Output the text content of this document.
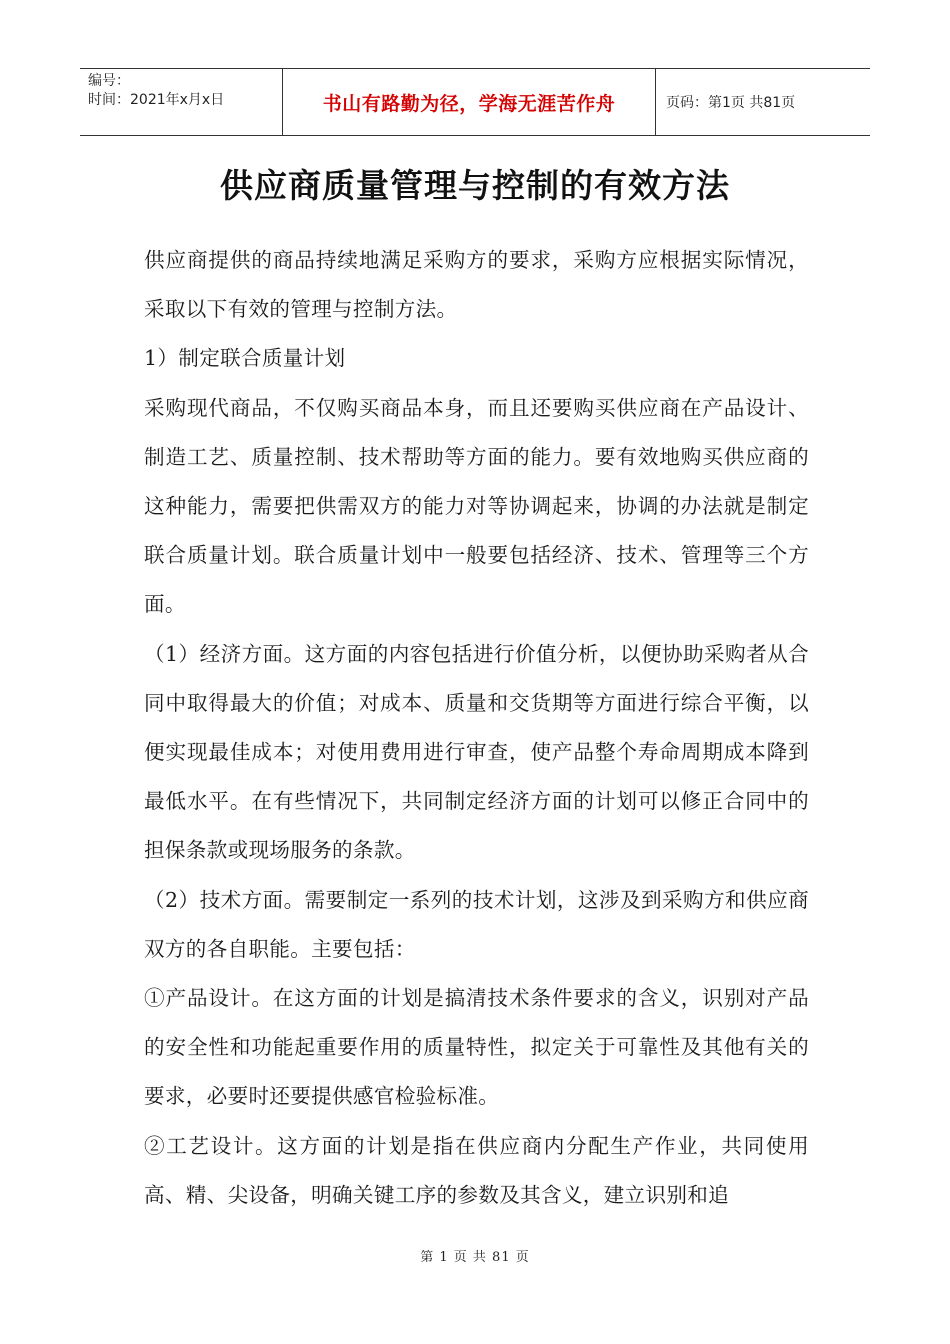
编号：
时间：2021年x月x日	书山有路勤为径，学海无涯苦作舟	页码：第1页 共81页
供应商质量管理与控制的有效方法

供应商提供的商品持续地满足采购方的要求，采购方应根据实际情况，采取以下有效的管理与控制方法。

1）制定联合质量计划

采购现代商品，不仅购买商品本身，而且还要购买供应商在产品设计、制造工艺、质量控制、技术帮助等方面的能力。要有效地购买供应商的这种能力，需要把供需双方的能力对等协调起来，协调的办法就是制定联合质量计划。联合质量计划中一般要包括经济、技术、管理等三个方面。

（1）经济方面。这方面的内容包括进行价值分析，以便协助采购者从合同中取得最大的价值；对成本、质量和交货期等方面进行综合平衡，以便实现最佳成本；对使用费用进行审查，使产品整个寿命周期成本降到最低水平。在有些情况下，共同制定经济方面的计划可以修正合同中的担保条款或现场服务的条款。

（2）技术方面。需要制定一系列的技术计划，这涉及到采购方和供应商双方的各自职能。主要包括：

①产品设计。在这方面的计划是搞清技术条件要求的含义，识别对产品的安全性和功能起重要作用的质量特性，拟定关于可靠性及其他有关的要求，必要时还要提供感官检验标准。

②工艺设计。这方面的计划是指在供应商内分配生产作业，共同使用高、精、尖设备，明确关键工序的参数及其含义，建立识别和追

第 1 页 共 81 页
